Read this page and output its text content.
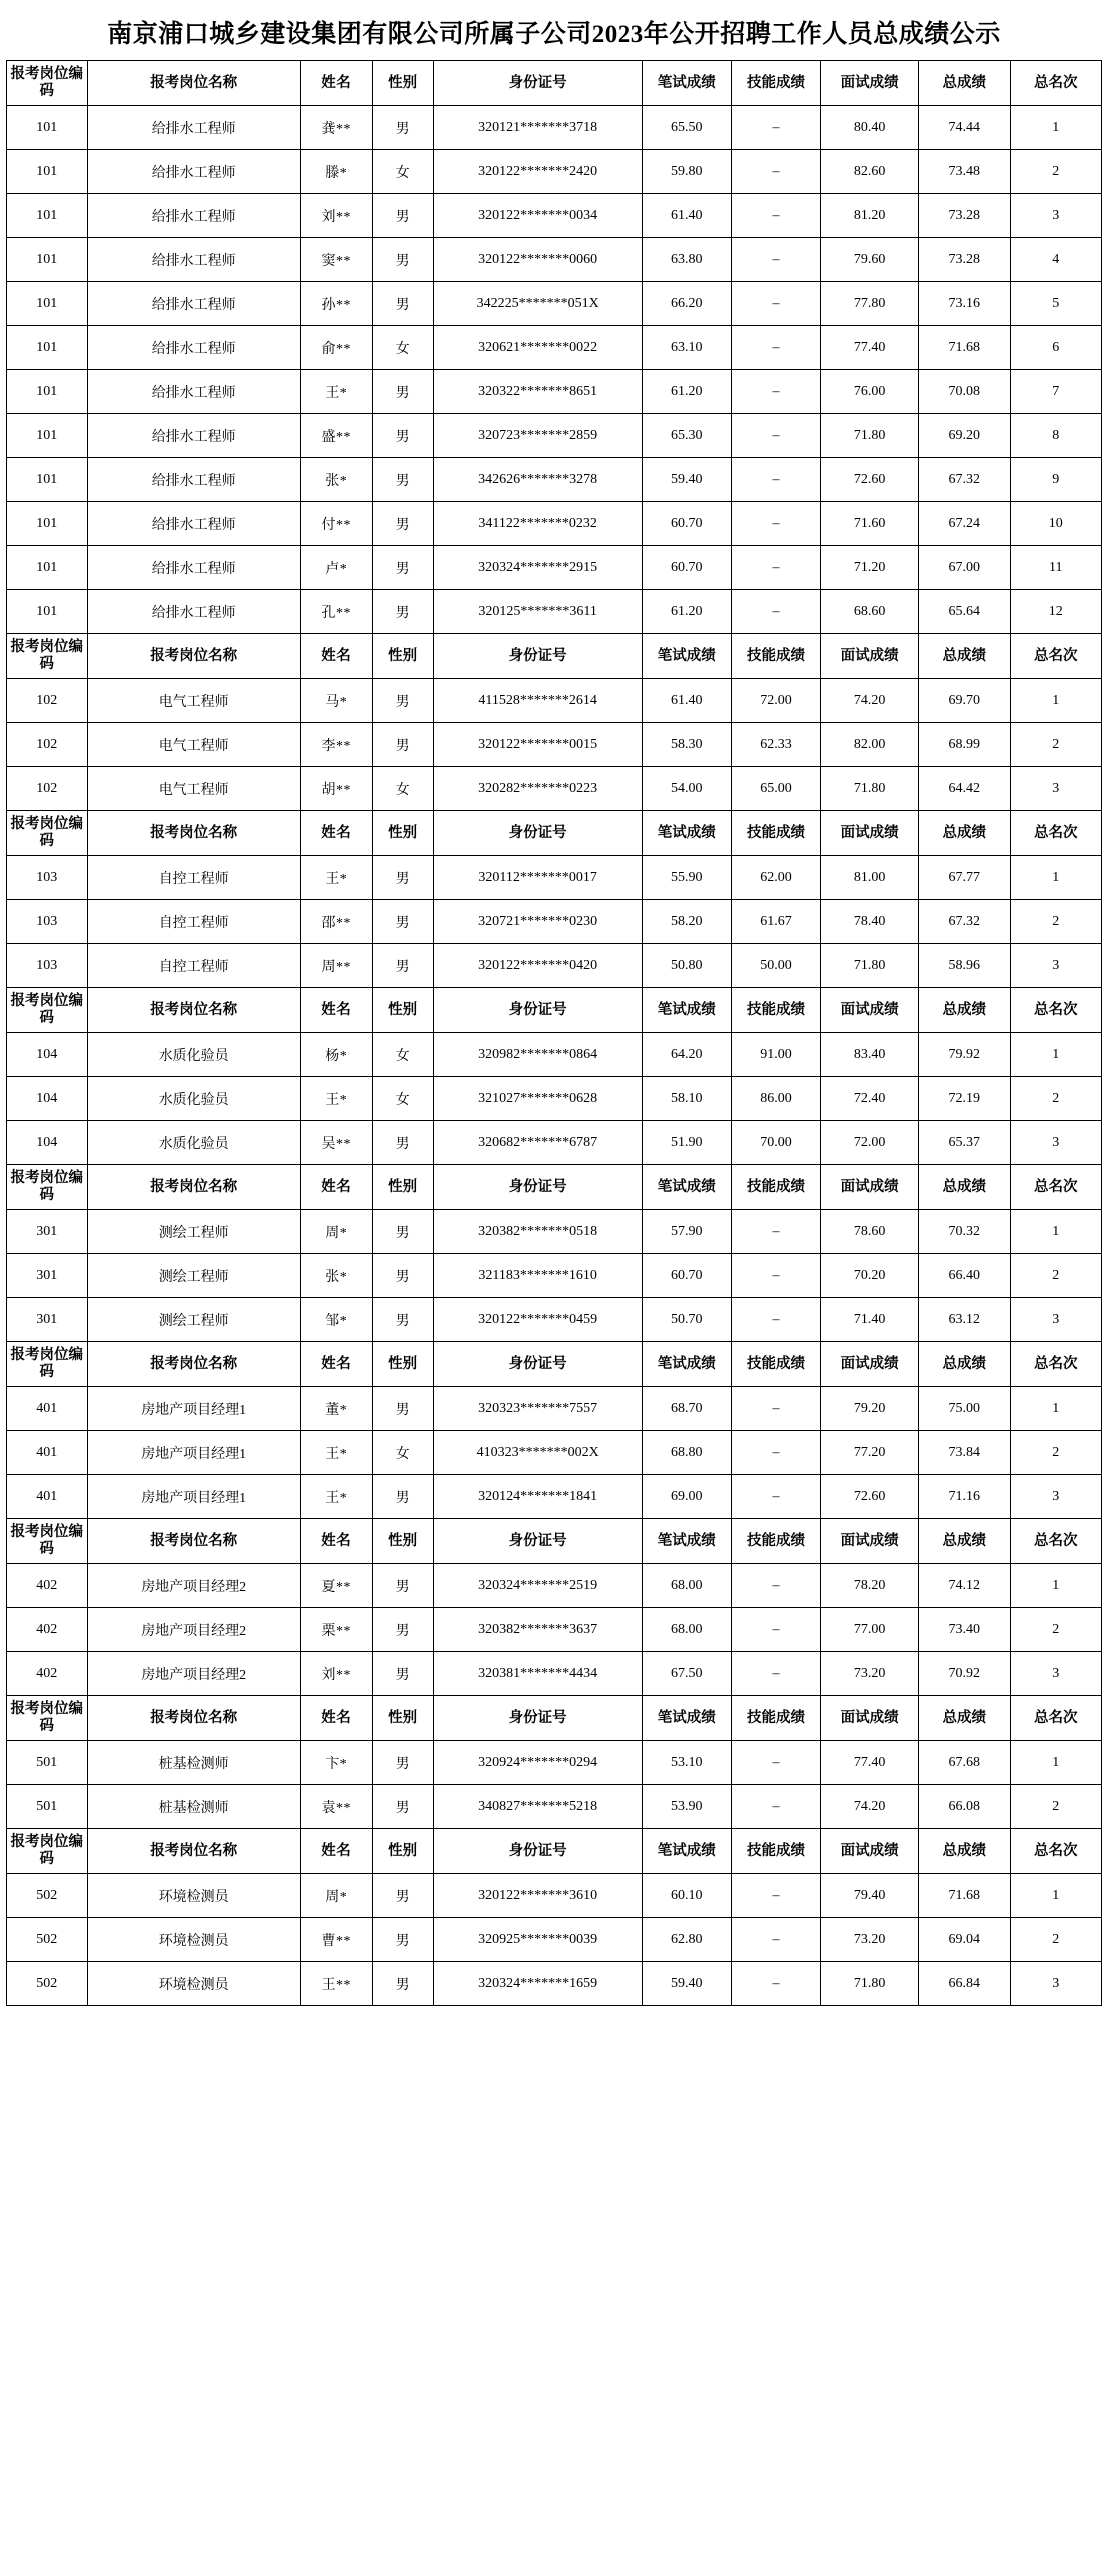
南京浦口城乡建设集团有限公司所属子公司2023年公开招聘工作人员总成绩公示
报考岗位编码	报考岗位名称	姓名	性别	身份证号	笔试成绩	技能成绩	面试成绩	总成绩	总名次
101	给排水工程师	龚**	男	320121*******3718	65.50	–	80.40	74.44	1
101	给排水工程师	滕*	女	320122*******2420	59.80	–	82.60	73.48	2
101	给排水工程师	刘**	男	320122*******0034	61.40	–	81.20	73.28	3
101	给排水工程师	窦**	男	320122*******0060	63.80	–	79.60	73.28	4
101	给排水工程师	孙**	男	342225*******051X	66.20	–	77.80	73.16	5
101	给排水工程师	俞**	女	320621*******0022	63.10	–	77.40	71.68	6
101	给排水工程师	王*	男	320322*******8651	61.20	–	76.00	70.08	7
101	给排水工程师	盛**	男	320723*******2859	65.30	–	71.80	69.20	8
101	给排水工程师	张*	男	342626*******3278	59.40	–	72.60	67.32	9
101	给排水工程师	付**	男	341122*******0232	60.70	–	71.60	67.24	10
101	给排水工程师	卢*	男	320324*******2915	60.70	–	71.20	67.00	11
101	给排水工程师	孔**	男	320125*******3611	61.20	–	68.60	65.64	12
报考岗位编码	报考岗位名称	姓名	性别	身份证号	笔试成绩	技能成绩	面试成绩	总成绩	总名次
102	电气工程师	马*	男	411528*******2614	61.40	72.00	74.20	69.70	1
102	电气工程师	李**	男	320122*******0015	58.30	62.33	82.00	68.99	2
102	电气工程师	胡**	女	320282*******0223	54.00	65.00	71.80	64.42	3
报考岗位编码	报考岗位名称	姓名	性别	身份证号	笔试成绩	技能成绩	面试成绩	总成绩	总名次
103	自控工程师	王*	男	320112*******0017	55.90	62.00	81.00	67.77	1
103	自控工程师	邵**	男	320721*******0230	58.20	61.67	78.40	67.32	2
103	自控工程师	周**	男	320122*******0420	50.80	50.00	71.80	58.96	3
报考岗位编码	报考岗位名称	姓名	性别	身份证号	笔试成绩	技能成绩	面试成绩	总成绩	总名次
104	水质化验员	杨*	女	320982*******0864	64.20	91.00	83.40	79.92	1
104	水质化验员	王*	女	321027*******0628	58.10	86.00	72.40	72.19	2
104	水质化验员	吴**	男	320682*******6787	51.90	70.00	72.00	65.37	3
报考岗位编码	报考岗位名称	姓名	性别	身份证号	笔试成绩	技能成绩	面试成绩	总成绩	总名次
301	测绘工程师	周*	男	320382*******0518	57.90	–	78.60	70.32	1
301	测绘工程师	张*	男	321183*******1610	60.70	–	70.20	66.40	2
301	测绘工程师	邹*	男	320122*******0459	50.70	–	71.40	63.12	3
报考岗位编码	报考岗位名称	姓名	性别	身份证号	笔试成绩	技能成绩	面试成绩	总成绩	总名次
401	房地产项目经理1	董*	男	320323*******7557	68.70	–	79.20	75.00	1
401	房地产项目经理1	王*	女	410323*******002X	68.80	–	77.20	73.84	2
401	房地产项目经理1	王*	男	320124*******1841	69.00	–	72.60	71.16	3
报考岗位编码	报考岗位名称	姓名	性别	身份证号	笔试成绩	技能成绩	面试成绩	总成绩	总名次
402	房地产项目经理2	夏**	男	320324*******2519	68.00	–	78.20	74.12	1
402	房地产项目经理2	栗**	男	320382*******3637	68.00	–	77.00	73.40	2
402	房地产项目经理2	刘**	男	320381*******4434	67.50	–	73.20	70.92	3
报考岗位编码	报考岗位名称	姓名	性别	身份证号	笔试成绩	技能成绩	面试成绩	总成绩	总名次
501	桩基检测师	卞*	男	320924*******0294	53.10	–	77.40	67.68	1
501	桩基检测师	袁**	男	340827*******5218	53.90	–	74.20	66.08	2
报考岗位编码	报考岗位名称	姓名	性别	身份证号	笔试成绩	技能成绩	面试成绩	总成绩	总名次
502	环境检测员	周*	男	320122*******3610	60.10	–	79.40	71.68	1
502	环境检测员	曹**	男	320925*******0039	62.80	–	73.20	69.04	2
502	环境检测员	王**	男	320324*******1659	59.40	–	71.80	66.84	3
